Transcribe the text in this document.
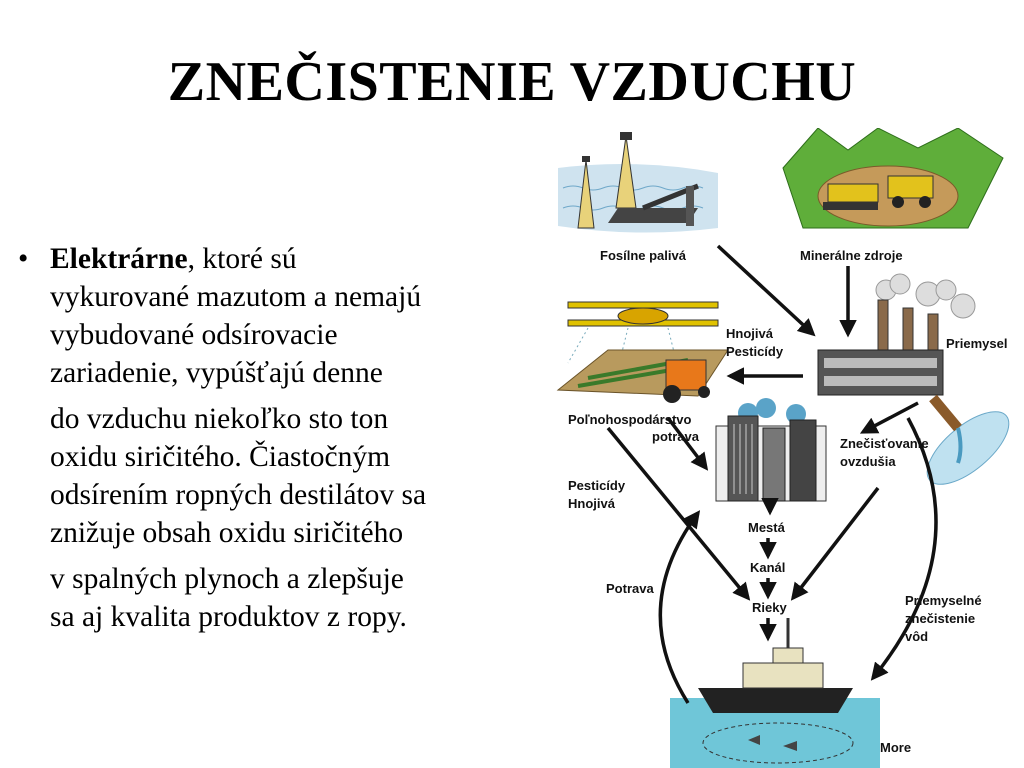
ZNEČISTENIE VZDUCHU
• Elektrárne, ktoré sú
vykurované mazutom a nemajú
vybudované odsírovacie
zariadenie, vypúšťajú denne
do vzduchu niekoľko sto ton
oxidu siričitého. Čiastočným
odsírením ropných destilátov sa
znižuje obsah oxidu siričitého
v spalných plynoch a zlepšuje
sa aj kvalita produktov z ropy.
Fosílne palivá	Minerálne zdroje
Poľnohospodárstvo
potrava
Hnojivá
Pesticídy
Priemysel
Znečisťovanie
ovzdušia
Pesticídy
Hnojivá
Mestá
Kanál
Rieky
Potrava
Priemyselné
znečistenie
vôd
More
